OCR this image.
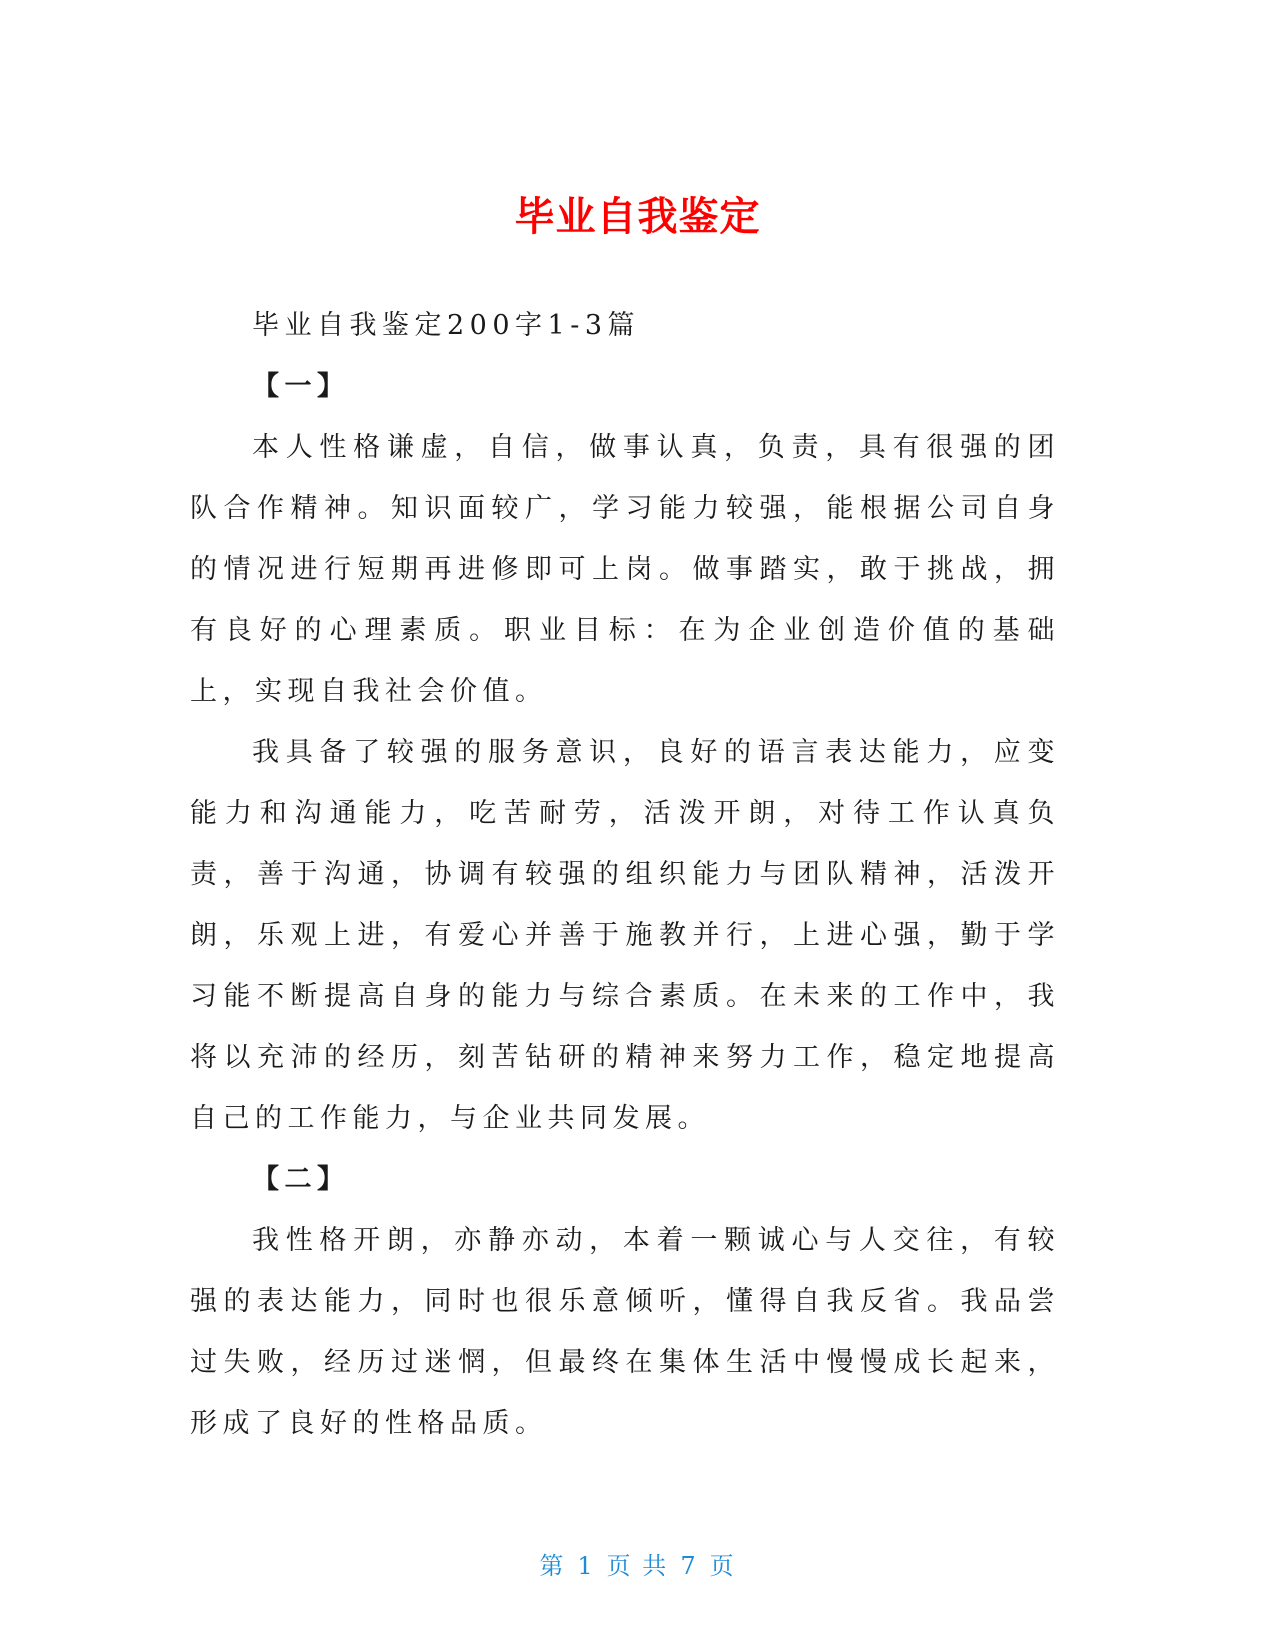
毕业自我鉴定

毕业自我鉴定200字1-3篇

【一】

本人性格谦虚，自信，做事认真，负责，具有很强的团队合作精神。知识面较广，学习能力较强，能根据公司自身的情况进行短期再进修即可上岗。做事踏实，敢于挑战，拥有良好的心理素质。职业目标：在为企业创造价值的基础上，实现自我社会价值。

我具备了较强的服务意识，良好的语言表达能力，应变能力和沟通能力，吃苦耐劳，活泼开朗，对待工作认真负责，善于沟通，协调有较强的组织能力与团队精神，活泼开朗，乐观上进，有爱心并善于施教并行，上进心强，勤于学习能不断提高自身的能力与综合素质。在未来的工作中，我将以充沛的经历，刻苦钻研的精神来努力工作，稳定地提高自己的工作能力，与企业共同发展。

【二】

我性格开朗，亦静亦动，本着一颗诚心与人交往，有较强的表达能力，同时也很乐意倾听，懂得自我反省。我品尝过失败，经历过迷惘，但最终在集体生活中慢慢成长起来，形成了良好的性格品质。

第 1 页 共 7 页
